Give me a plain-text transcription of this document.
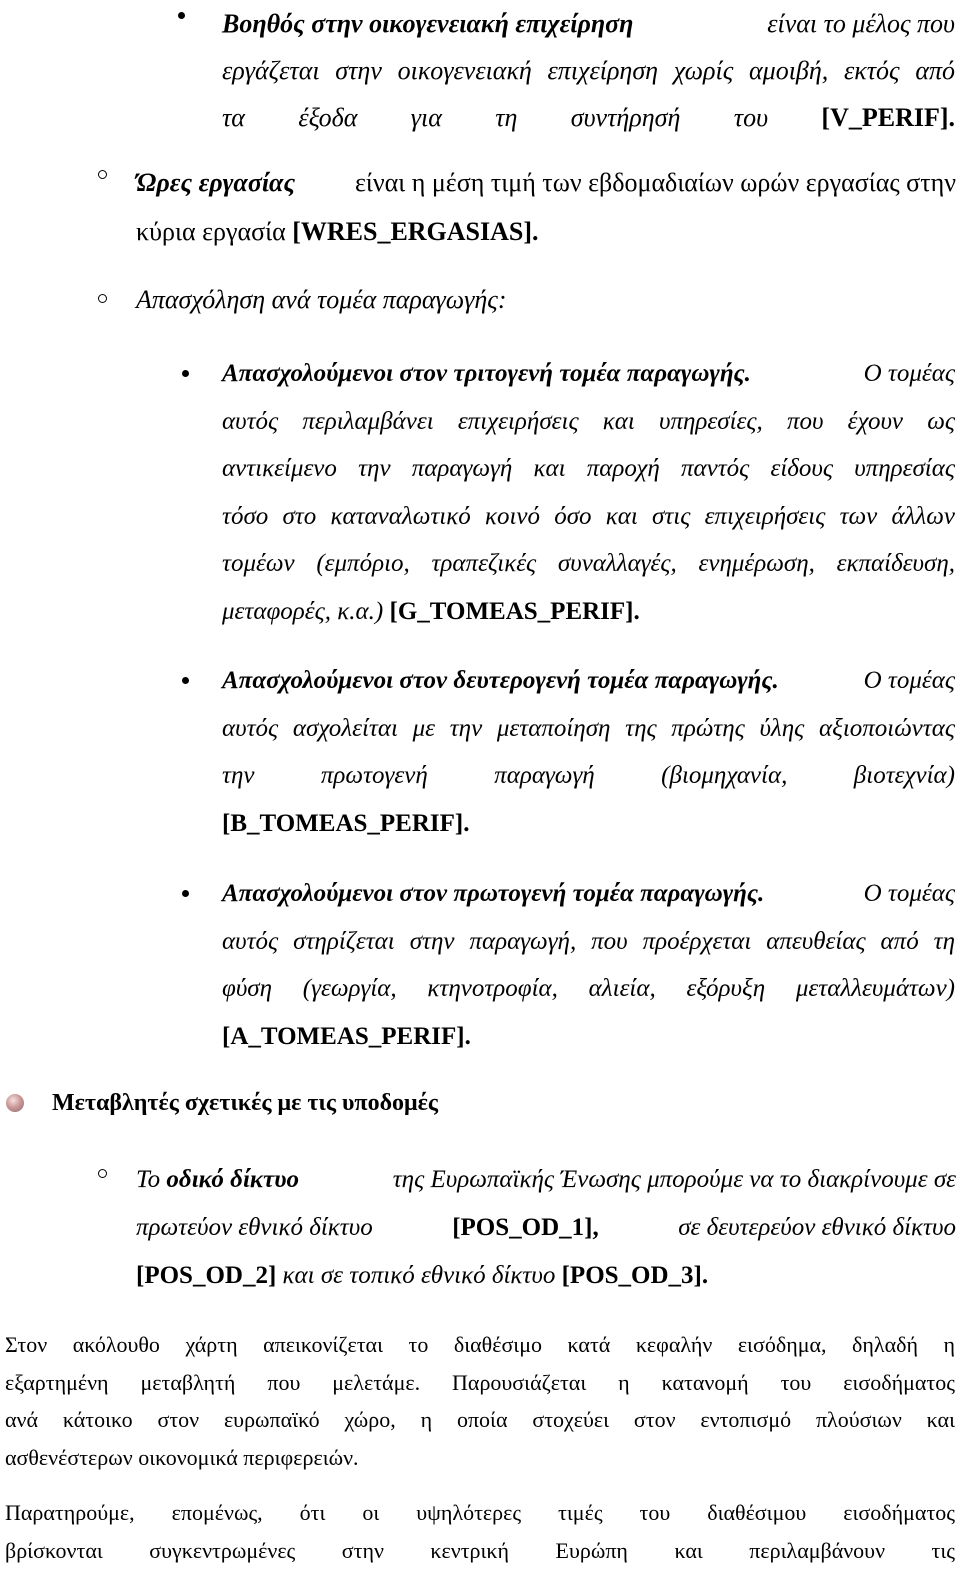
Βοηθός στην οικογενειακή επιχείρηση	είναι το μέλος που
εργάζεται στην οικογενειακή επιχείρηση χωρίς αμοιβή, εκτός από
τα έξοδα για τη συντήρησή του [V_PERIF].
Ώρες εργασίας είναι η μέση τιμή των εβδομαδιαίων ωρών εργασίας στην
κύρια εργασία [WRES_ERGASIAS].
Απασχόληση ανά τομέα παραγωγής:
Απασχολούμενοι στον τριτογενή τομέα παραγωγής.	Ο τομέας
αυτός περιλαμβάνει επιχειρήσεις και υπηρεσίες, που έχουν ως
αντικείμενο την παραγωγή και παροχή παντός είδους υπηρεσίας
τόσο στο καταναλωτικό κοινό όσο και στις επιχειρήσεις των άλλων
τομέων (εμπόριο, τραπεζικές συναλλαγές, ενημέρωση, εκπαίδευση,
μεταφορές, κ.α.) [G_TOMEAS_PERIF].
Απασχολούμενοι στον δευτερογενή τομέα παραγωγής.	Ο τομέας
αυτός ασχολείται με την μεταποίηση της πρώτης ύλης αξιοποιώντας
την πρωτογενή παραγωγή (βιομηχανία, βιοτεχνία)
[B_TOMEAS_PERIF].
Απασχολούμενοι στον πρωτογενή τομέα παραγωγής.	Ο τομέας
αυτός στηρίζεται στην παραγωγή, που προέρχεται απευθείας από τη
φύση (γεωργία, κτηνοτροφία, αλιεία, εξόρυξη μεταλλευμάτων)
[A_TOMEAS_PERIF].
Μεταβλητές σχετικές με τις υποδομές
Το οδικό δίκτυο	της Ευρωπαϊκής Ένωσης μπορούμε να το διακρίνουμε σε
πρωτεύον εθνικό δίκτυο	[POS_OD_1],	σε δευτερεύον εθνικό δίκτυο
[POS_OD_2] και σε τοπικό εθνικό δίκτυο [POS_OD_3].
Στον ακόλουθο χάρτη απεικονίζεται το διαθέσιμο κατά κεφαλήν εισόδημα, δηλαδή η
εξαρτημένη μεταβλητή που μελετάμε. Παρουσιάζεται η κατανομή του εισοδήματος
ανά κάτοικο στον ευρωπαϊκό χώρο, η οποία στοχεύει στον εντοπισμό πλούσιων και
ασθενέστερων οικονομικά περιφερειών.
Παρατηρούμε, επομένως, ότι οι υψηλότερες τιμές του διαθέσιμου εισοδήματος
βρίσκονται συγκεντρωμένες στην κεντρική Ευρώπη και περιλαμβάνουν τις
